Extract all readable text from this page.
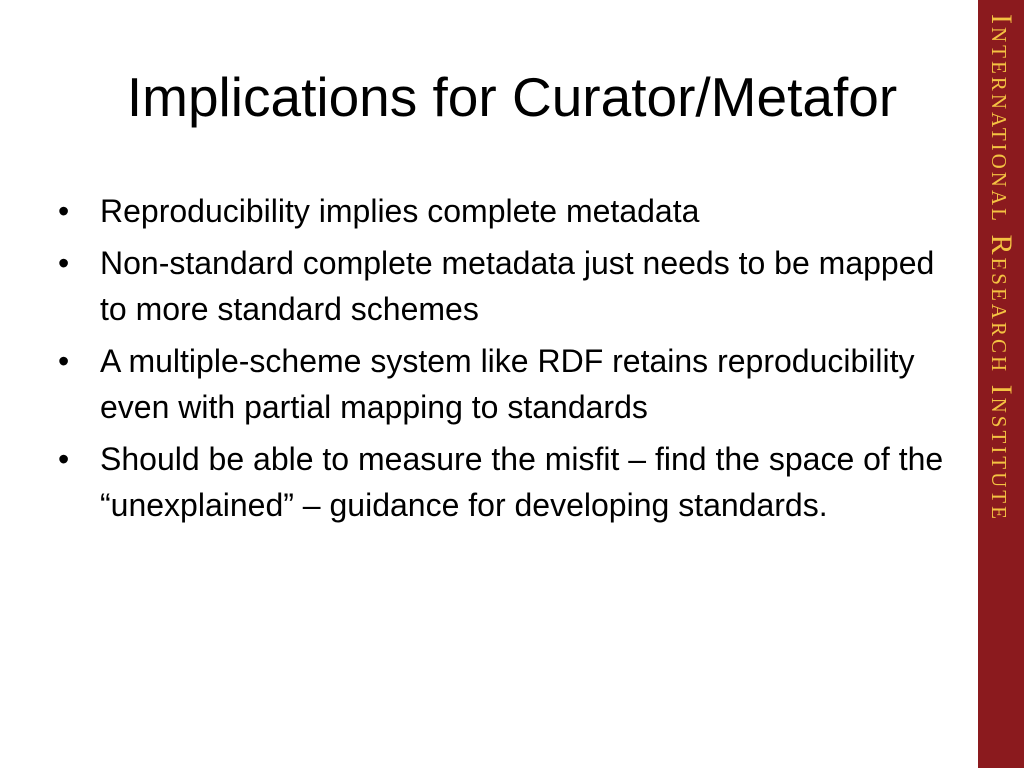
Implications for Curator/Metafor
• Reproducibility implies complete metadata
• Non-standard complete metadata just needs to be mapped to more standard schemes
• A multiple-scheme system like RDF retains reproducibility even with partial mapping to standards
• Should be able to measure the misfit – find the space of the “unexplained” – guidance for developing standards.	International Research Institute
